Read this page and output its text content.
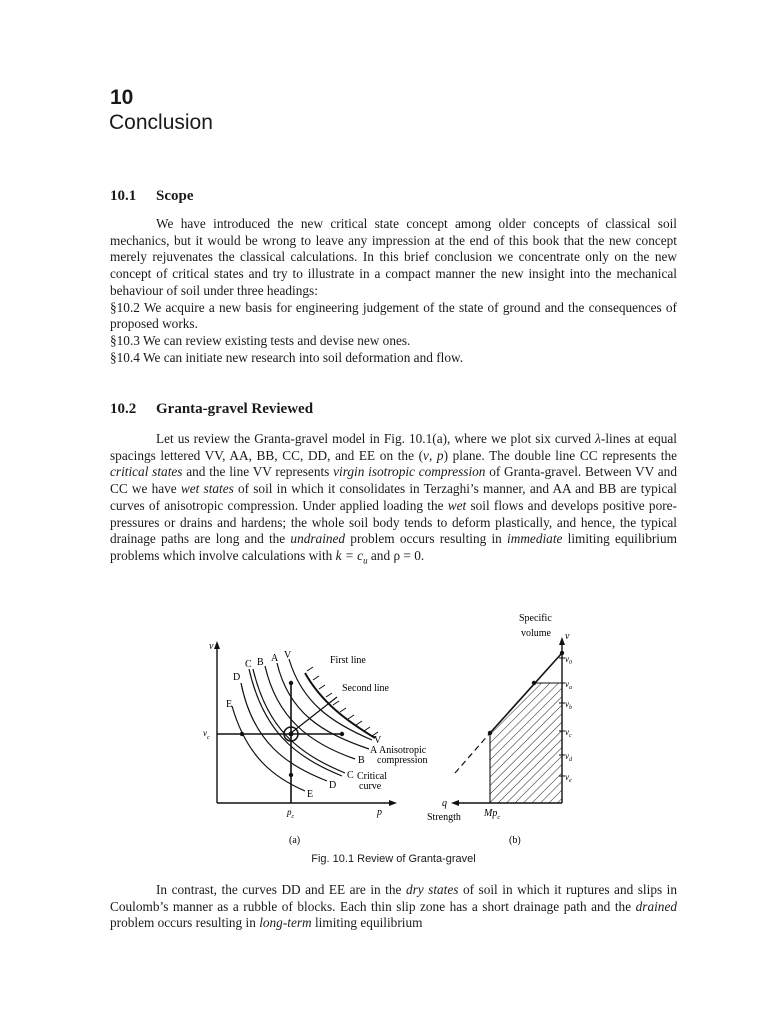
10
Conclusion
10.1 Scope

We have introduced the new critical state concept among older concepts of classical soil mechanics, but it would be wrong to leave any impression at the end of this book that the new concept merely rejuvenates the classical calculations. In this brief conclusion we concentrate only on the new concept of critical states and try to illustrate in a compact manner the new insight into the mechanical behaviour of soil under three headings:

§10.2 We acquire a new basis for engineering judgement of the state of ground and the consequences of proposed works.

§10.3 We can review existing tests and devise new ones.

§10.4 We can initiate new research into soil deformation and flow.

10.2 Granta-gravel Reviewed

Let us review the Granta-gravel model in Fig. 10.1(a), where we plot six curved λ-lines at equal spacings lettered VV, AA, BB, CC, DD, and EE on the (v, p) plane. The double line CC represents the critical states and the line VV represents virgin isotropic compression of Granta-gravel. Between VV and CC we have wet states of soil in which it consolidates in Terzaghi’s manner, and AA and BB are typical curves of anisotropic compression. Under applied loading the wet soil flows and develops positive pore-pressures or drains and hardens; the whole soil body tends to deform plastically, and hence, the typical drainage paths are long and the undrained problem occurs resulting in immediate limiting equilibrium problems which involve calculations with $k = c_u$ and ρ = 0.

v
p
$v_c$
$p_c$
C B A V
D
E
First line
Second line
V
A
B
C
D
E
Anisotropic
compression
Critical
curve
(a)
Specific
volume v
q
Strength $Mp_c$
$v_0$
$v_a$
$v_b$
$v_c$
$v_d$
$v_e$
(b)
Fig. 10.1 Review of Granta-gravel

In contrast, the curves DD and EE are in the dry states of soil in which it ruptures and slips in Coulomb’s manner as a rubble of blocks. Each thin slip zone has a short drainage path and the drained problem occurs resulting in long-term limiting equilibrium
